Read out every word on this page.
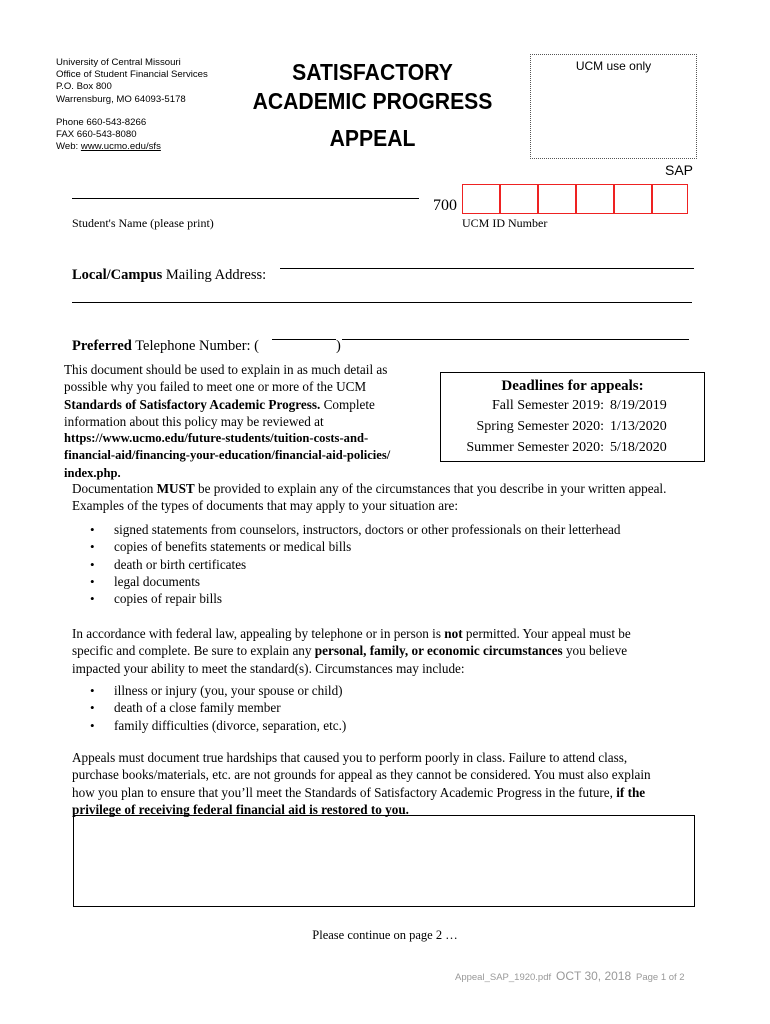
University of Central Missouri
Office of Student Financial Services
P.O. Box 800
Warrensburg, MO 64093-5178
Phone 660-543-8266
FAX 660-543-8080
Web: www.ucmo.edu/sfs
SATISFACTORY
ACADEMIC PROGRESS
APPEAL
UCM use only
SAP
Student's Name (please print)
700
UCM ID Number
Local/Campus Mailing Address:
Preferred Telephone Number: (	)
This document should be used to explain in as much detail as
possible why you failed to meet one or more of the UCM
Standards of Satisfactory Academic Progress. Complete
information about this policy may be reviewed at
https://www.ucmo.edu/future-students/tuition-costs-and-
financial-aid/financing-your-education/financial-aid-policies/
index.php.
Deadlines for appeals:
Fall Semester 2019: 8/19/2019
Spring Semester 2020: 1/13/2020
Summer Semester 2020: 5/18/2020
Documentation MUST be provided to explain any of the circumstances that you describe in your written appeal.
Examples of the types of documents that may apply to your situation are:
• signed statements from counselors, instructors, doctors or other professionals on their letterhead
• copies of benefits statements or medical bills
• death or birth certificates
• legal documents
• copies of repair bills
In accordance with federal law, appealing by telephone or in person is not permitted. Your appeal must be
specific and complete. Be sure to explain any personal, family, or economic circumstances you believe
impacted your ability to meet the standard(s). Circumstances may include:
• illness or injury (you, your spouse or child)
• death of a close family member
• family difficulties (divorce, separation, etc.)
Appeals must document true hardships that caused you to perform poorly in class. Failure to attend class,
purchase books/materials, etc. are not grounds for appeal as they cannot be considered. You must also explain
how you plan to ensure that you’ll meet the Standards of Satisfactory Academic Progress in the future, if the
privilege of receiving federal financial aid is restored to you.
Please continue on page 2 …
Appeal_SAP_1920.pdf OCT 30, 2018 Page 1 of 2
